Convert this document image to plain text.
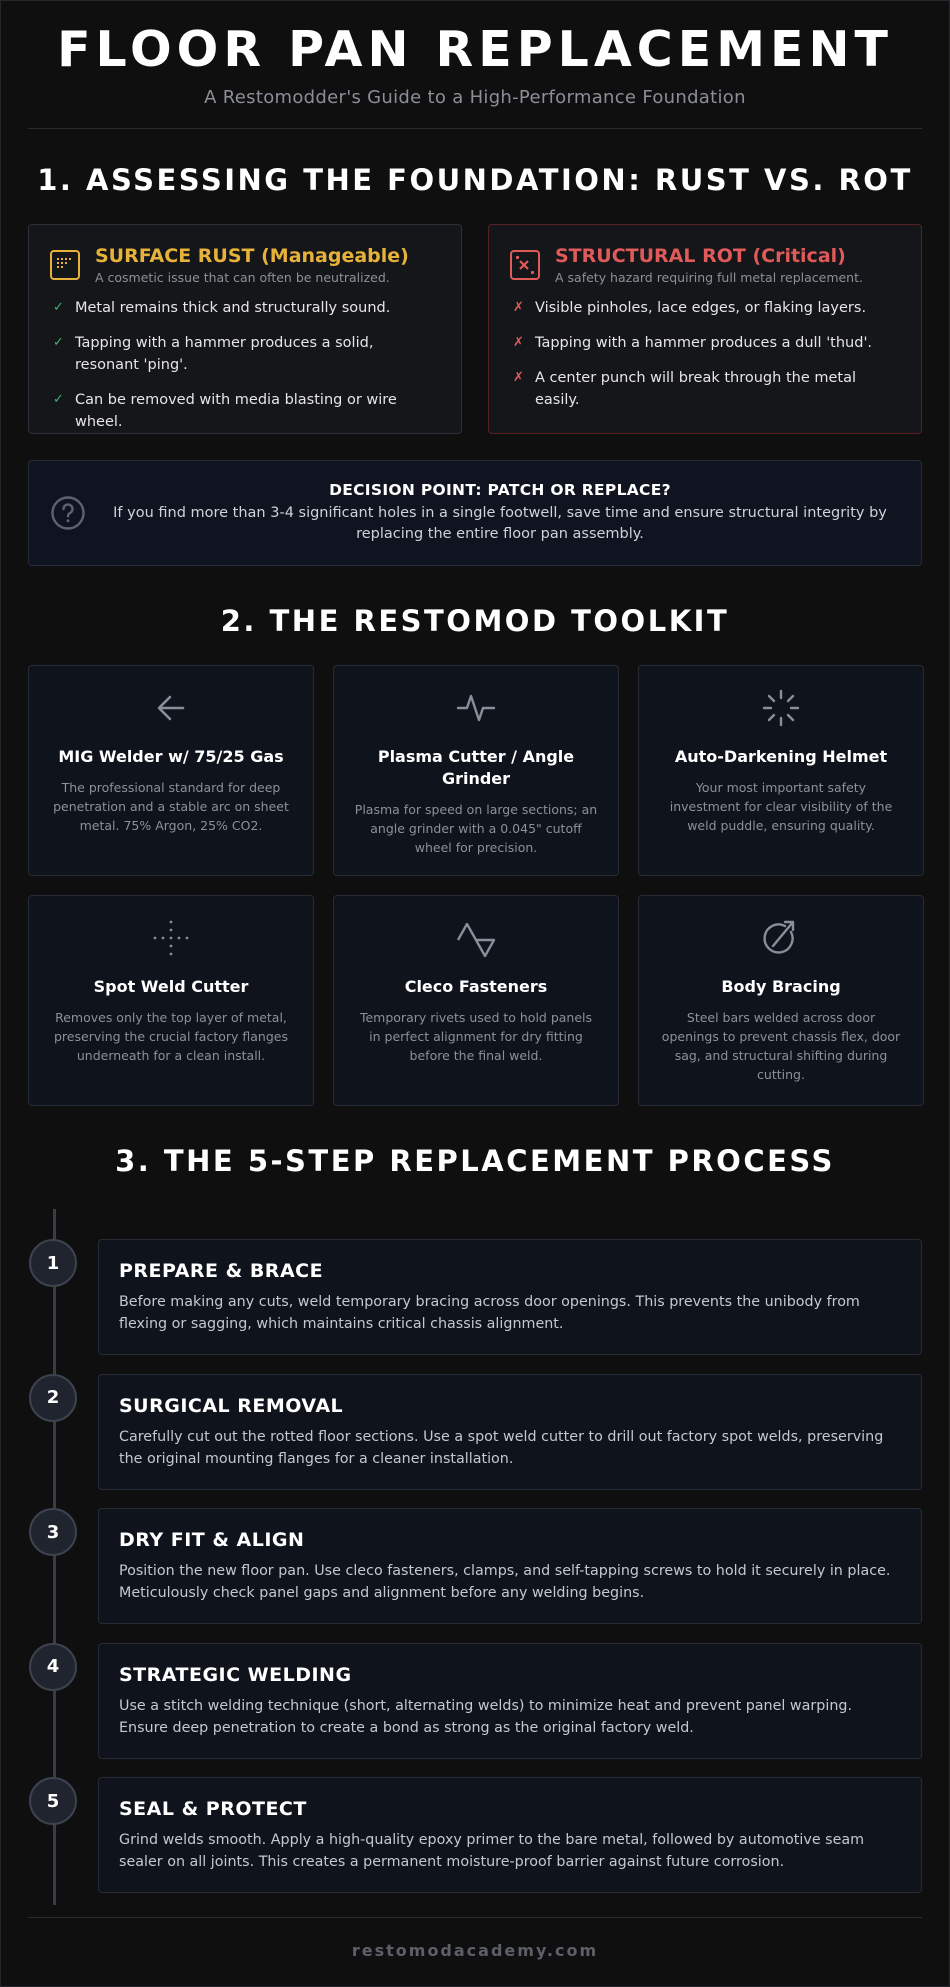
FLOOR PAN REPLACEMENT
A Restomodder's Guide to a High-Performance Foundation
1. ASSESSING THE FOUNDATION: RUST VS. ROT
SURFACE RUST (Manageable)
A cosmetic issue that can often be neutralized.
✓ Metal remains thick and structurally sound.
✓ Tapping with a hammer produces a solid, resonant 'ping'.
✓ Can be removed with media blasting or wire wheel.
STRUCTURAL ROT (Critical)
A safety hazard requiring full metal replacement.
✗ Visible pinholes, lace edges, or flaking layers.
✗ Tapping with a hammer produces a dull 'thud'.
✗ A center punch will break through the metal easily.
DECISION POINT: PATCH OR REPLACE?

If you find more than 3-4 significant holes in a single footwell, save time and ensure structural integrity by replacing the entire floor pan assembly.

2. THE RESTOMOD TOOLKIT
MIG Welder w/ 75/25 Gas

The professional standard for deep penetration and a stable arc on sheet metal. 75% Argon, 25% CO2.

Plasma Cutter / Angle Grinder

Plasma for speed on large sections; an angle grinder with a 0.045" cutoff wheel for precision.

Auto-Darkening Helmet

Your most important safety investment for clear visibility of the weld puddle, ensuring quality.

Spot Weld Cutter

Removes only the top layer of metal, preserving the crucial factory flanges underneath for a clean install.

Cleco Fasteners

Temporary rivets used to hold panels in perfect alignment for dry fitting before the final weld.

Body Bracing

Steel bars welded across door openings to prevent chassis flex, door sag, and structural shifting during cutting.

3. THE 5-STEP REPLACEMENT PROCESS
1	PREPARE & BRACE

Before making any cuts, weld temporary bracing across door openings. This prevents the unibody from flexing or sagging, which maintains critical chassis alignment.

2	SURGICAL REMOVAL

Carefully cut out the rotted floor sections. Use a spot weld cutter to drill out factory spot welds, preserving the original mounting flanges for a cleaner installation.

3	DRY FIT & ALIGN

Position the new floor pan. Use cleco fasteners, clamps, and self-tapping screws to hold it securely in place. Meticulously check panel gaps and alignment before any welding begins.

4	STRATEGIC WELDING

Use a stitch welding technique (short, alternating welds) to minimize heat and prevent panel warping. Ensure deep penetration to create a bond as strong as the original factory weld.

5	SEAL & PROTECT

Grind welds smooth. Apply a high-quality epoxy primer to the bare metal, followed by automotive seam sealer on all joints. This creates a permanent moisture-proof barrier against future corrosion.

restomodacademy.com
